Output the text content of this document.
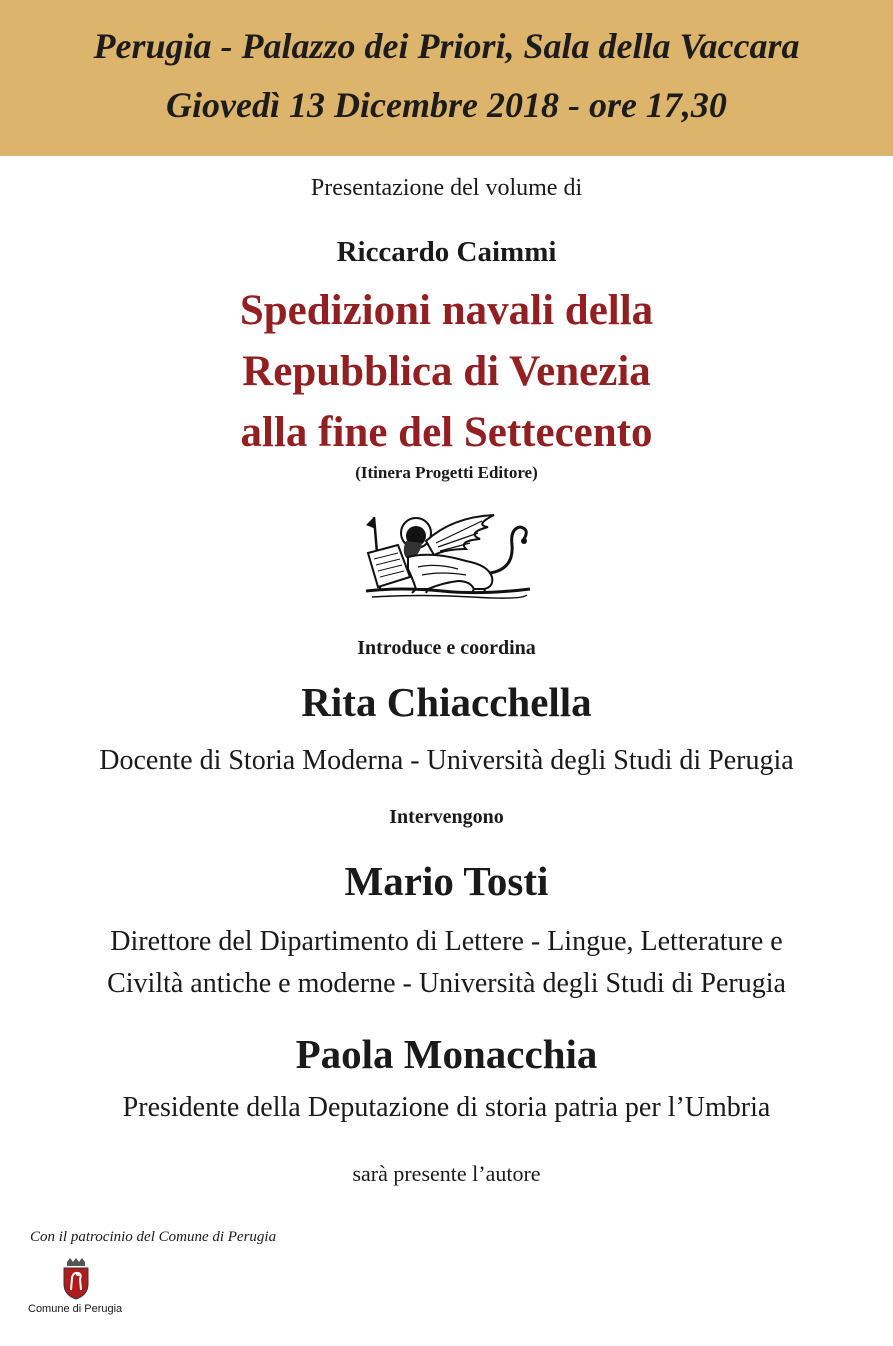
Perugia - Palazzo dei Priori, Sala della Vaccara
Giovedì 13 Dicembre 2018 - ore 17,30
Presentazione del volume di
Riccardo Caimmi
Spedizioni navali della
Repubblica di Venezia
alla fine del Settecento
(Itinera Progetti Editore)
Introduce e coordina
Rita Chiacchella
Docente di Storia Moderna - Università degli Studi di Perugia
Intervengono
Mario Tosti
Direttore del Dipartimento di Lettere - Lingue, Letterature e
Civiltà antiche e moderne - Università degli Studi di Perugia
Paola Monacchia
Presidente della Deputazione di storia patria per l’Umbria
sarà presente l’autore
Con il patrocinio del Comune di Perugia
Comune di Perugia
